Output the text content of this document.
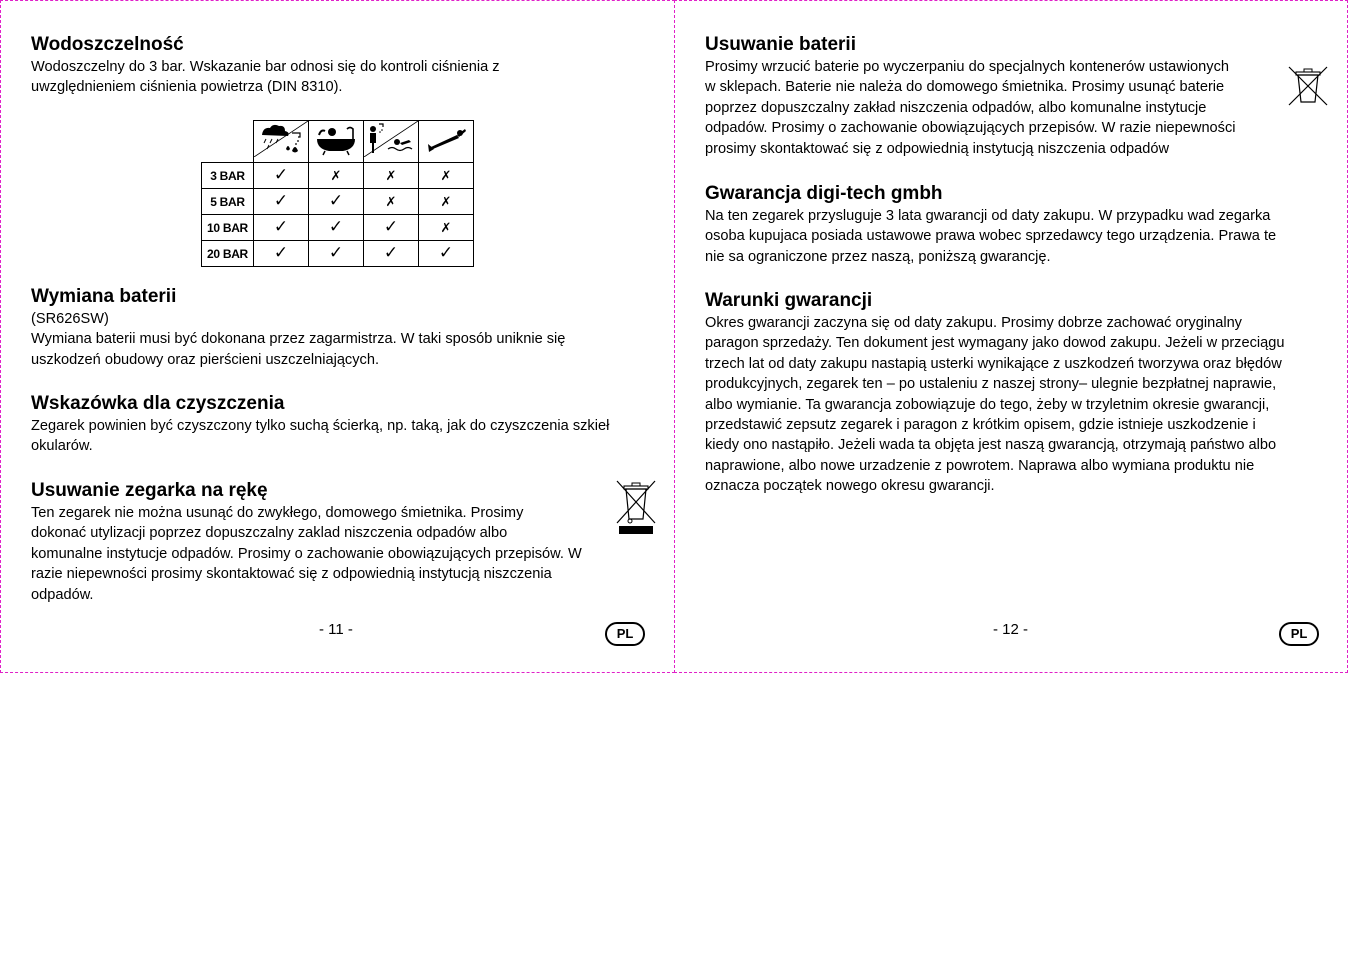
Wodoszczelność
Wodoszczelny do 3 bar. Wskazanie bar odnosi się do kontroli ciśnienia z
uwzględnieniem ciśnienia powietrza (DIN 8310).

3 BAR	✓	✗	✗	✗
5 BAR	✓	✓	✗	✗
10 BAR	✓	✓	✓	✗
20 BAR	✓	✓	✓	✓
Wymiana baterii
(SR626SW)
Wymiana baterii musi być dokonana przez zagarmistrza. W taki sposób uniknie się
uszkodzeń obudowy oraz pierścieni uszczelniających.
Wskazówka dla czyszczenia
Zegarek powinien być czyszczony tylko suchą ścierką, np. taką, jak do czyszczenia szkieł
okularów.
Usuwanie zegarka na rękę
Ten zegarek nie można usunąć do zwykłego, domowego śmietnika. Prosimy
dokonać utylizacji poprzez dopuszczalny zaklad niszczenia odpadów albo
komunalne instytucje odpadów. Prosimy o zachowanie obowiązujących przepisów. W
razie niepewności prosimy skontaktować się z odpowiednią instytucją niszczenia
odpadów.
- 11 -	PL
Usuwanie baterii
Prosimy wrzucić baterie po wyczerpaniu do specjalnych kontenerów ustawionych
w sklepach. Baterie nie należa do domowego śmietnika. Prosimy usunąć baterie
poprzez dopuszczalny zakład niszczenia odpadów, albo komunalne instytucje
odpadów. Prosimy o zachowanie obowiązujących przepisów. W razie niepewności
prosimy skontaktować się z odpowiednią instytucją niszczenia odpadów
Gwarancja digi-tech gmbh
Na ten zegarek przysluguje 3 lata gwarancji od daty zakupu. W przypadku wad zegarka
osoba kupujaca posiada ustawowe prawa wobec sprzedawcy tego urządzenia. Prawa te
nie sa ograniczone przez naszą, poniższą gwarancję.
Warunki gwarancji
Okres gwarancji zaczyna się od daty zakupu. Prosimy dobrze zachować oryginalny
paragon sprzedaży. Ten dokument jest wymagany jako dowod zakupu. Jeżeli w przeciągu
trzech lat od daty zakupu nastapią usterki wynikające z uszkodzeń tworzywa oraz błędów
produkcyjnych, zegarek ten – po ustaleniu z naszej strony– ulegnie bezpłatnej naprawie,
albo wymianie. Ta gwarancja zobowiązuje do tego, żeby w trzyletnim okresie gwarancji,
przedstawić zepsutz zegarek i paragon z krótkim opisem, gdzie istnieje uszkodzenie i
kiedy ono nastąpiło. Jeżeli wada ta objęta jest naszą gwarancją, otrzymają państwo albo
naprawione, albo nowe urzadzenie z powrotem. Naprawa albo wymiana produktu nie
oznacza początek nowego okresu gwarancji.
- 12 -	PL
